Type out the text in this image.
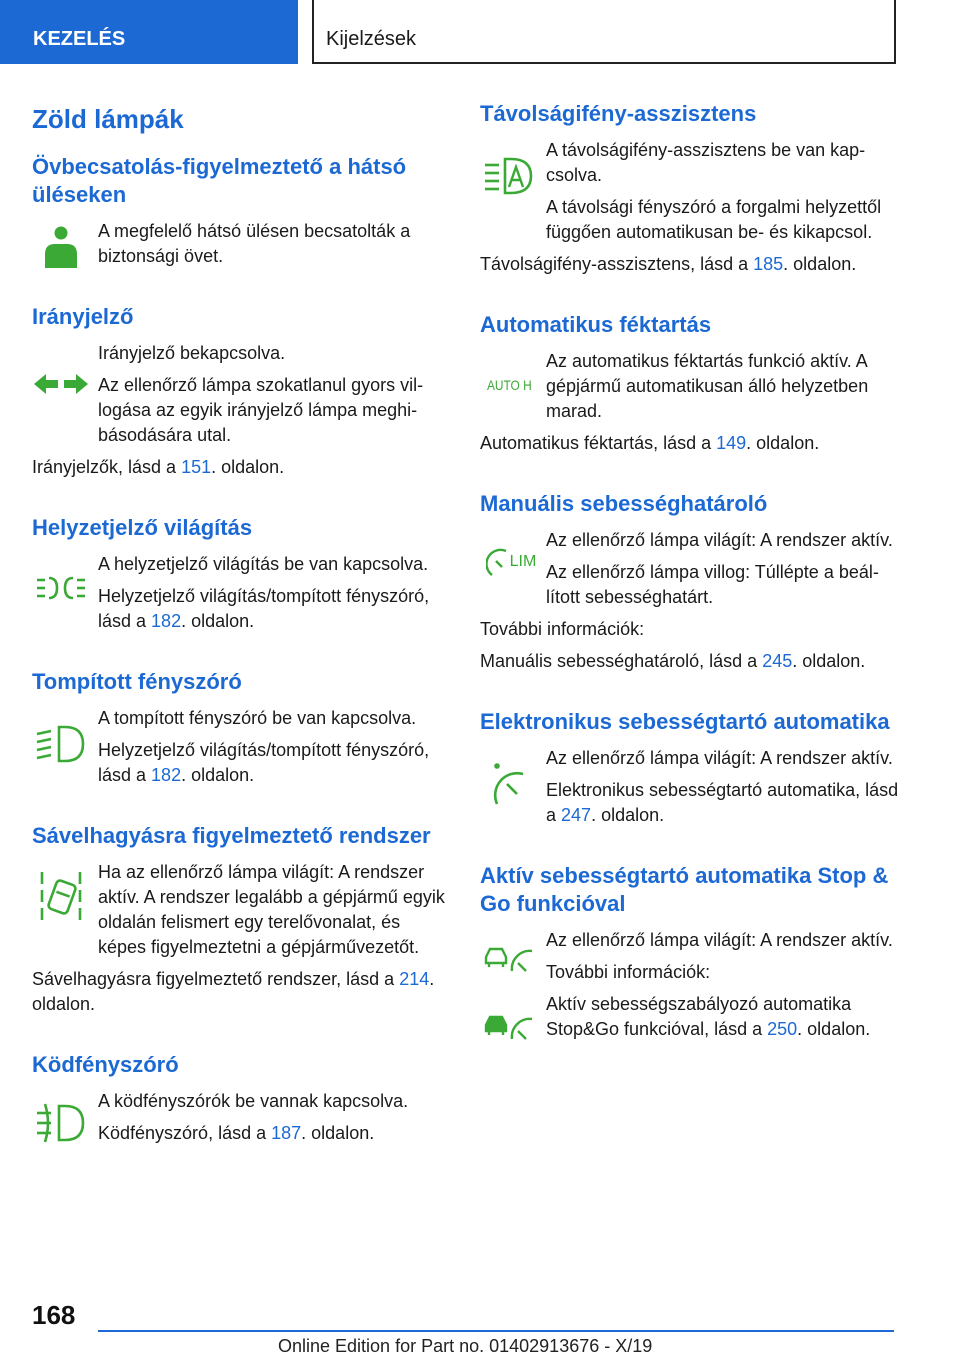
KEZELÉS	Kijelzések
Zöld lámpák
Övbecsatolás-figyelmeztető a hátsó üléseken

A megfelelő hátsó ülésen becsatolták a biztonsági övet.

Irányjelző

Irányjelző bekapcsolva.

Az ellenőrző lámpa szokatlanul gyors villogása az egyik irányjelző lámpa meghibásodására utal.

Irányjelzők, lásd a 151. oldalon.

Helyzetjelző világítás

A helyzetjelző világítás be van kapcsolva.

Helyzetjelző világítás/tompított fényszóró, lásd a 182. oldalon.

Tompított fényszóró

A tompított fényszóró be van kapcsolva.

Helyzetjelző világítás/tompított fényszóró, lásd a 182. oldalon.

Sávelhagyásra figyelmeztető rendszer

Ha az ellenőrző lámpa világít: A rendszer aktív. A rendszer legalább a gépjármű egyik oldalán felismert egy terelővonalat, és képes figyelmeztetni a gépjárművezetőt.

Sávelhagyásra figyelmeztető rendszer, lásd a 214. oldalon.

Ködfényszóró

A ködfényszórók be vannak kapcsolva.

Ködfényszóró, lásd a 187. oldalon.

Távolságifény-asszisztens

A távolságifény-asszisztens be van kapcsolva.

A távolsági fényszóró a forgalmi helyzettől függően automatikusan be- és kikapcsol.

Távolságifény-asszisztens, lásd a 185. oldalon.

Automatikus féktartás
AUTO H

Az automatikus féktartás funkció aktív. A gépjármű automatikusan álló helyzetben marad.

Automatikus féktartás, lásd a 149. oldalon.

Manuális sebességhatároló
LIM

Az ellenőrző lámpa világít: A rendszer aktív.

Az ellenőrző lámpa villog: Túllépte a beállított sebességhatárt.

További információk:

Manuális sebességhatároló, lásd a 245. oldalon.

Elektronikus sebességtartó automatika

Az ellenőrző lámpa világít: A rendszer aktív.

Elektronikus sebességtartó automatika, lásd a 247. oldalon.

Aktív sebességtartó automatika Stop & Go funkcióval

Az ellenőrző lámpa világít: A rendszer aktív.

További információk:

Aktív sebességszabályozó automatika Stop&Go funkcióval, lásd a 250. oldalon.

168
Online Edition for Part no. 01402913676 - X/19
